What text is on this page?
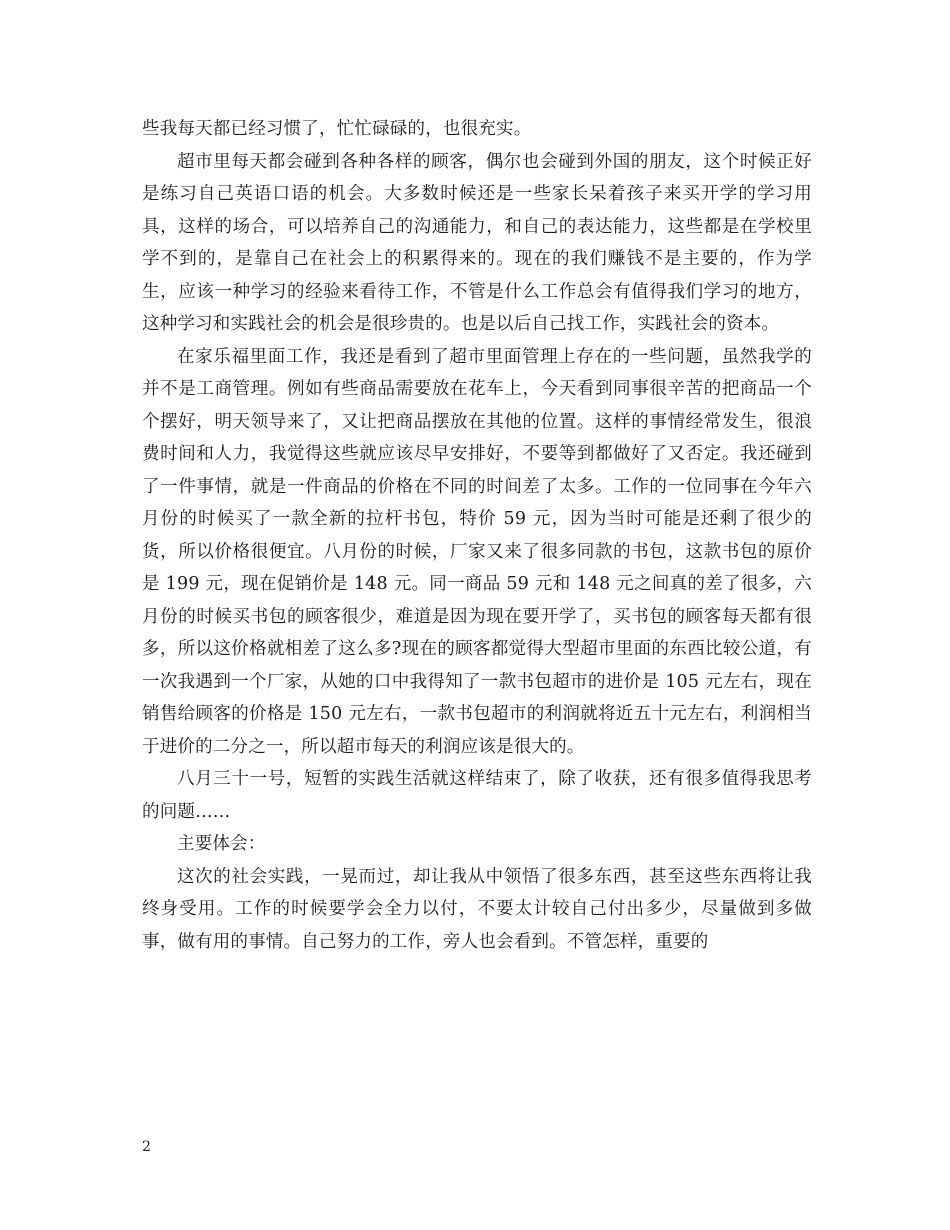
些我每天都已经习惯了，忙忙碌碌的，也很充实。

超市里每天都会碰到各种各样的顾客，偶尔也会碰到外国的朋友，这个时候正好是练习自己英语口语的机会。大多数时候还是一些家长呆着孩子来买开学的学习用具，这样的场合，可以培养自己的沟通能力，和自己的表达能力，这些都是在学校里学不到的，是靠自己在社会上的积累得来的。现在的我们赚钱不是主要的，作为学生，应该一种学习的经验来看待工作，不管是什么工作总会有值得我们学习的地方，这种学习和实践社会的机会是很珍贵的。也是以后自己找工作，实践社会的资本。

在家乐福里面工作，我还是看到了超市里面管理上存在的一些问题，虽然我学的并不是工商管理。例如有些商品需要放在花车上，今天看到同事很辛苦的把商品一个个摆好，明天领导来了，又让把商品摆放在其他的位置。这样的事情经常发生，很浪费时间和人力，我觉得这些就应该尽早安排好，不要等到都做好了又否定。我还碰到了一件事情，就是一件商品的价格在不同的时间差了太多。工作的一位同事在今年六月份的时候买了一款全新的拉杆书包，特价 59 元，因为当时可能是还剩了很少的货，所以价格很便宜。八月份的时候，厂家又来了很多同款的书包，这款书包的原价是 199 元，现在促销价是 148 元。同一商品 59 元和 148 元之间真的差了很多，六月份的时候买书包的顾客很少，难道是因为现在要开学了，买书包的顾客每天都有很多，所以这价格就相差了这么多?现在的顾客都觉得大型超市里面的东西比较公道，有一次我遇到一个厂家，从她的口中我得知了一款书包超市的进价是 105 元左右，现在销售给顾客的价格是 150 元左右，一款书包超市的利润就将近五十元左右，利润相当于进价的二分之一，所以超市每天的利润应该是很大的。

八月三十一号，短暂的实践生活就这样结束了，除了收获，还有很多值得我思考的问题……

主要体会：

这次的社会实践，一晃而过，却让我从中领悟了很多东西，甚至这些东西将让我终身受用。工作的时候要学会全力以付，不要太计较自己付出多少，尽量做到多做事，做有用的事情。自己努力的工作，旁人也会看到。不管怎样，重要的

2
